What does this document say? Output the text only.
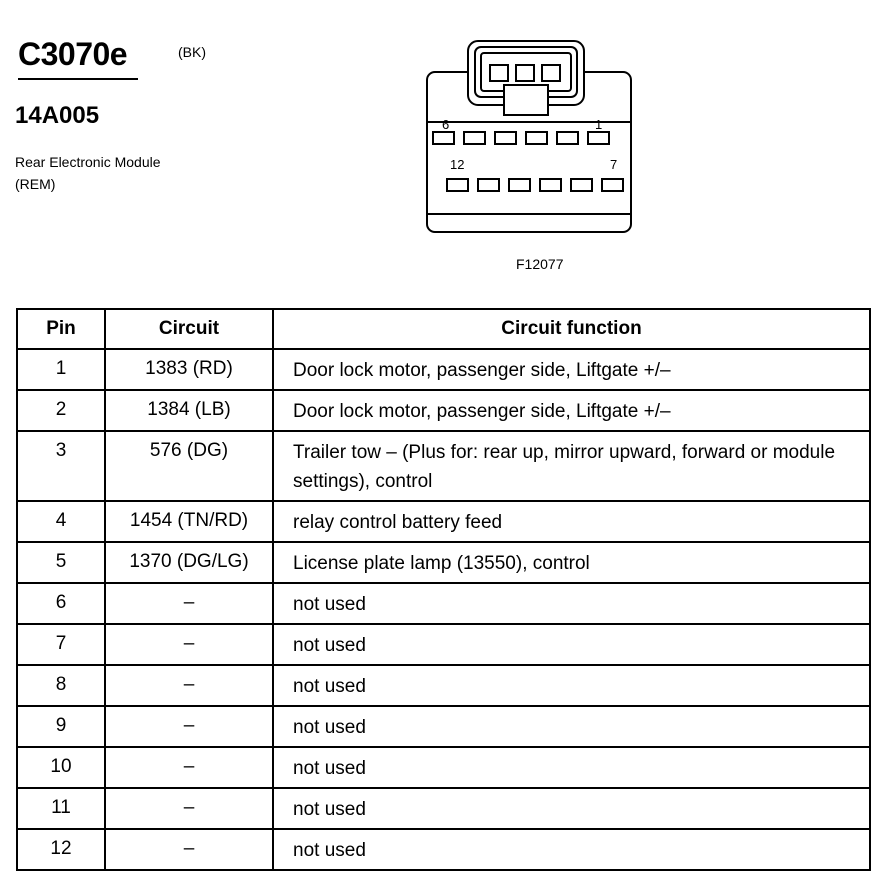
C3070e	(BK)
14A005
Rear Electronic Module (REM)
6	1
12	7
F12077
Pin	Circuit	Circuit function
1	1383 (RD)	Door lock motor, passenger side, Liftgate +/–
2	1384 (LB)	Door lock motor, passenger side, Liftgate +/–
3	576 (DG)	Trailer tow – (Plus for: rear up, mirror upward, forward or module settings), control
4	1454 (TN/RD)	relay control battery feed
5	1370 (DG/LG)	License plate lamp (13550), control
6	–	not used
7	–	not used
8	–	not used
9	–	not used
10	–	not used
11	–	not used
12	–	not used
